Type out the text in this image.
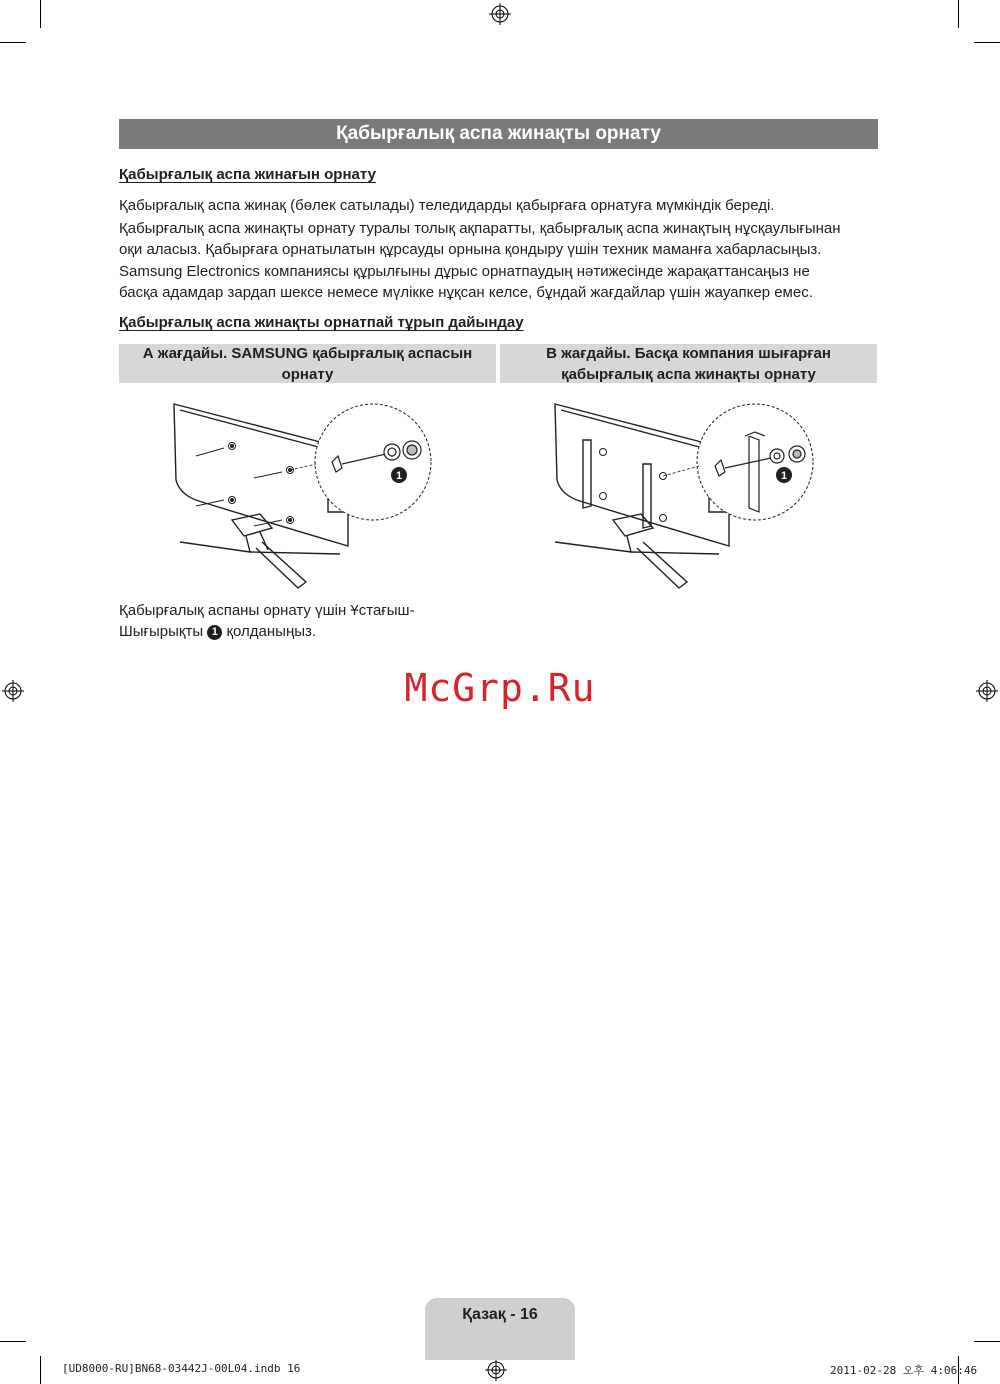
Қабырғалық аспа жинақты орнату
Қабырғалық аспа жинағын орнату
Қабырғалық аспа жинақ (бөлек сатылады) теледидарды қабырғаға орнатуға мүмкіндік береді.
Қабырғалық аспа жинақты орнату туралы толық ақпаратты, қабырғалық аспа жинақтың нұсқаулығынан
оқи аласыз. Қабырғаға орнатылатын құрсауды орнына қондыру үшін техник маманға хабарласыңыз.
Samsung Electronics компаниясы құрылғыны дұрыс орнатпаудың нәтижесінде жарақаттансаңыз не
басқа адамдар зардап шексе немесе мүлікке нұқсан келсе, бұндай жағдайлар үшін жауапкер емес.
Қабырғалық аспа жинақты орнатпай тұрып дайындау
А жағдайы. SAMSUNG қабырғалық аспасын
орнату
В жағдайы. Басқа компания шығарған
қабырғалық аспа жинақты орнату
1	1
Қабырғалық аспаны орнату үшін Ұстағыш-
Шығырықты 1 қолданыңыз.
McGrp.Ru
Қазақ - 16
[UD8000-RU]BN68-03442J-00L04.indb 16	2011-02-28 오후 4:06:46
